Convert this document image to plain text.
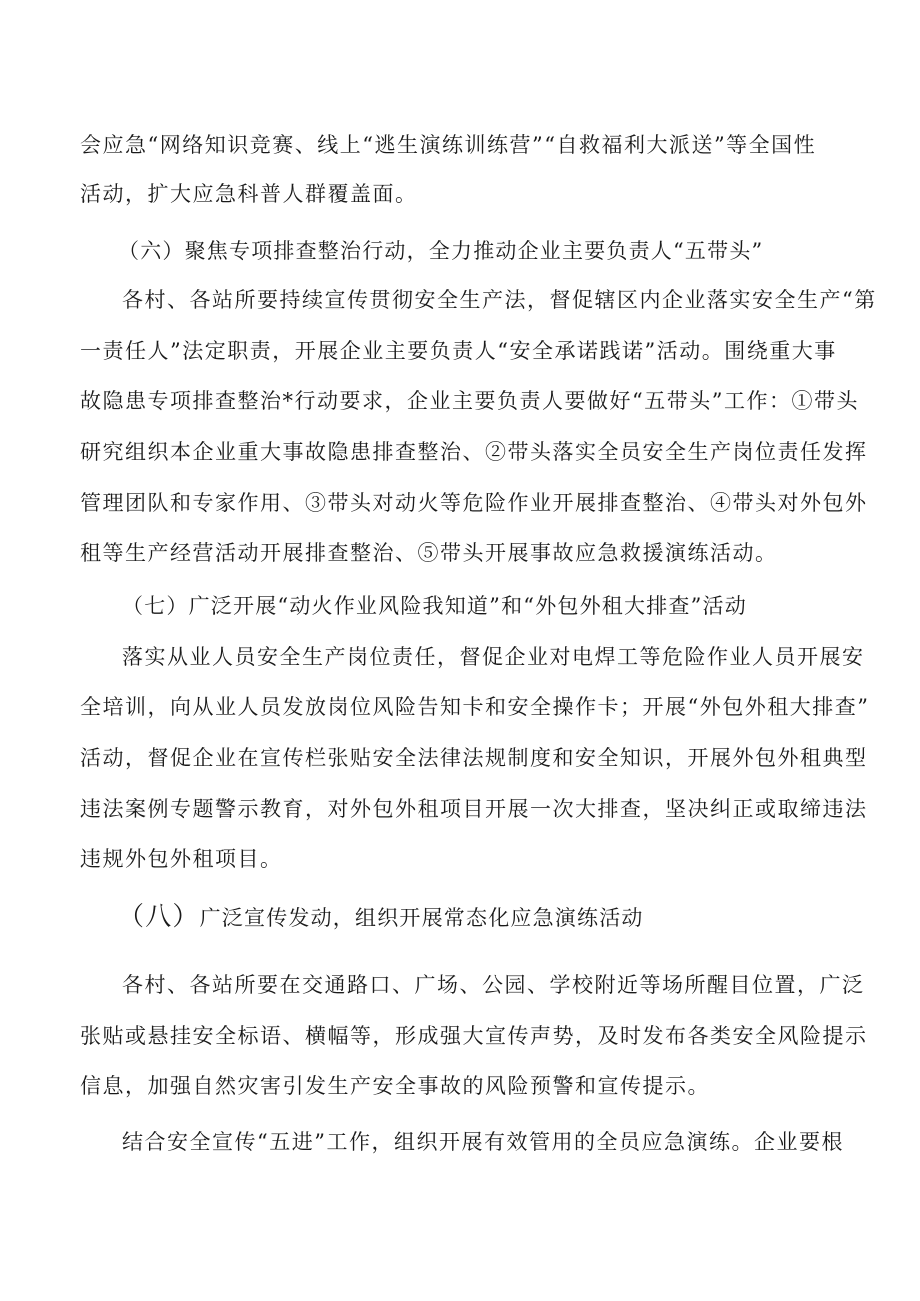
会应急“网络知识竞赛、线上“逃生演练训练营”“自救福利大派送”等全国性
活动，扩大应急科普人群覆盖面。
（六）聚焦专项排查整治行动，全力推动企业主要负责人“五带头”
各村、各站所要持续宣传贯彻安全生产法，督促辖区内企业落实安全生产“第
一责任人”法定职责，开展企业主要负责人“安全承诺践诺”活动。围绕重大事
故隐患专项排查整治*行动要求，企业主要负责人要做好“五带头”工作：①带头
研究组织本企业重大事故隐患排查整治、②带头落实全员安全生产岗位责任发挥
管理团队和专家作用、③带头对动火等危险作业开展排查整治、④带头对外包外
租等生产经营活动开展排查整治、⑤带头开展事故应急救援演练活动。
（七）广泛开展“动火作业风险我知道”和“外包外租大排查”活动
落实从业人员安全生产岗位责任，督促企业对电焊工等危险作业人员开展安
全培训，向从业人员发放岗位风险告知卡和安全操作卡；开展“外包外租大排查”
活动，督促企业在宣传栏张贴安全法律法规制度和安全知识，开展外包外租典型
违法案例专题警示教育，对外包外租项目开展一次大排查，坚决纠正或取缔违法
违规外包外租项目。
（八）广泛宣传发动，组织开展常态化应急演练活动
各村、各站所要在交通路口、广场、公园、学校附近等场所醒目位置，广泛
张贴或悬挂安全标语、横幅等，形成强大宣传声势，及时发布各类安全风险提示
信息，加强自然灾害引发生产安全事故的风险预警和宣传提示。
结合安全宣传“五进”工作，组织开展有效管用的全员应急演练。企业要根
